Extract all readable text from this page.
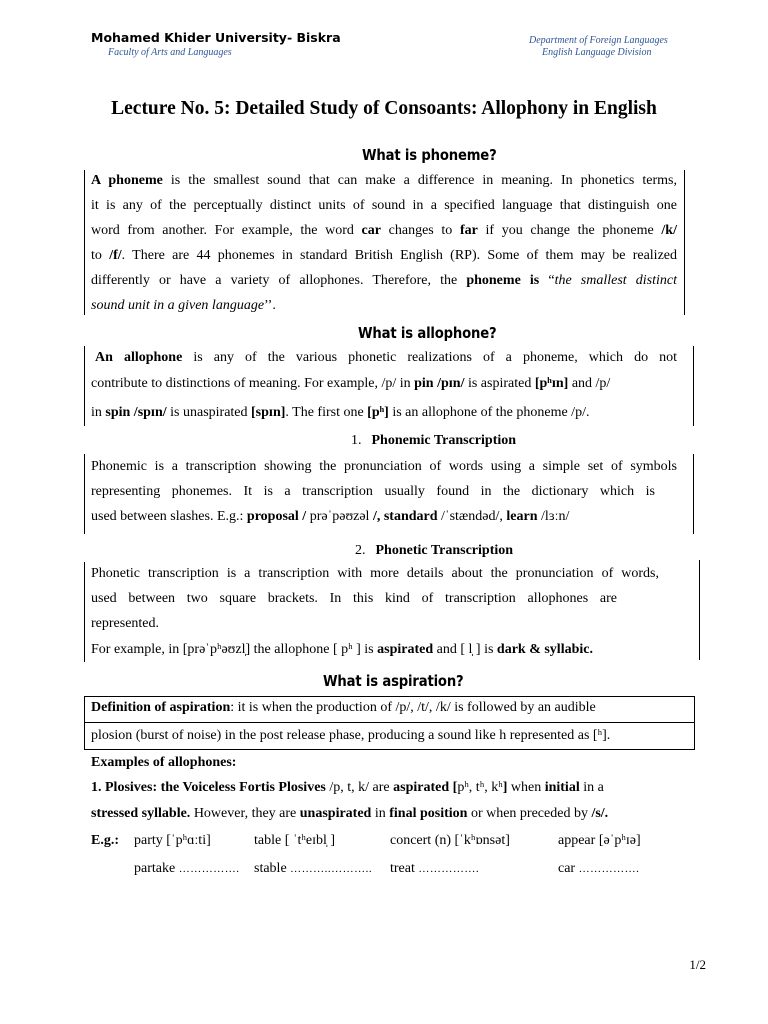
Mohamed Khider University- Biskra
Faculty of Arts and Languages
Department of Foreign Languages
English Language Division
Lecture No. 5: Detailed Study of Consoants: Allophony in English
What is phoneme?
A phoneme is the smallest sound that can make a difference in meaning. In phonetics terms,
it is any of the perceptually distinct units of sound in a specified language that distinguish one
word from another. For example, the word car changes to far if you change the phoneme /k/
to /f/. There are 44 phonemes in standard British English (RP). Some of them may be realized
differently or have a variety of allophones. Therefore, the phoneme is “the smallest distinct
sound unit in a given language’’.
What is allophone?
An allophone is any of the various phonetic realizations of a phoneme, which do not
contribute to distinctions of meaning. For example, /p/ in pin /pɪn/ is aspirated [pʰɪn] and /p/
in spin /spɪn/ is unaspirated [spɪn]. The first one [pʰ] is an allophone of the phoneme /p/.
1. Phonemic Transcription
Phonemic is a transcription showing the pronunciation of words using a simple set of symbols
representing phonemes. It is a transcription usually found in the dictionary which is
used between slashes. E.g.: proposal / prəˈpəʊzəl /, standard /ˈstændəd/, learn /lɜːn/
2. Phonetic Transcription
Phonetic transcription is a transcription with more details about the pronunciation of words,
used between two square brackets. In this kind of transcription allophones are
represented.
For example, in [prəˈpʰəʊzl̩] the allophone [ pʰ ] is aspirated and [ l̩ ] is dark & syllabic.
What is aspiration?
Definition of aspiration: it is when the production of /p/, /t/, /k/ is followed by an audible
plosion (burst of noise) in the post release phase, producing a sound like h represented as [ʰ].
Examples of allophones:
1. Plosives: the Voiceless Fortis Plosives /p, t, k/ are aspirated [pʰ, tʰ, kʰ] when initial in a
stressed syllable. However, they are unaspirated in final position or when preceded by /s/.
E.g.: party [ˈpʰɑːti]	table [ ˈtʰeɪbl̩ ]	concert (n) [ˈkʰɒnsət]	appear [əˈpʰɪə]
partake ……………. stable ………..……….. treat …………….	car …………….
1/2
